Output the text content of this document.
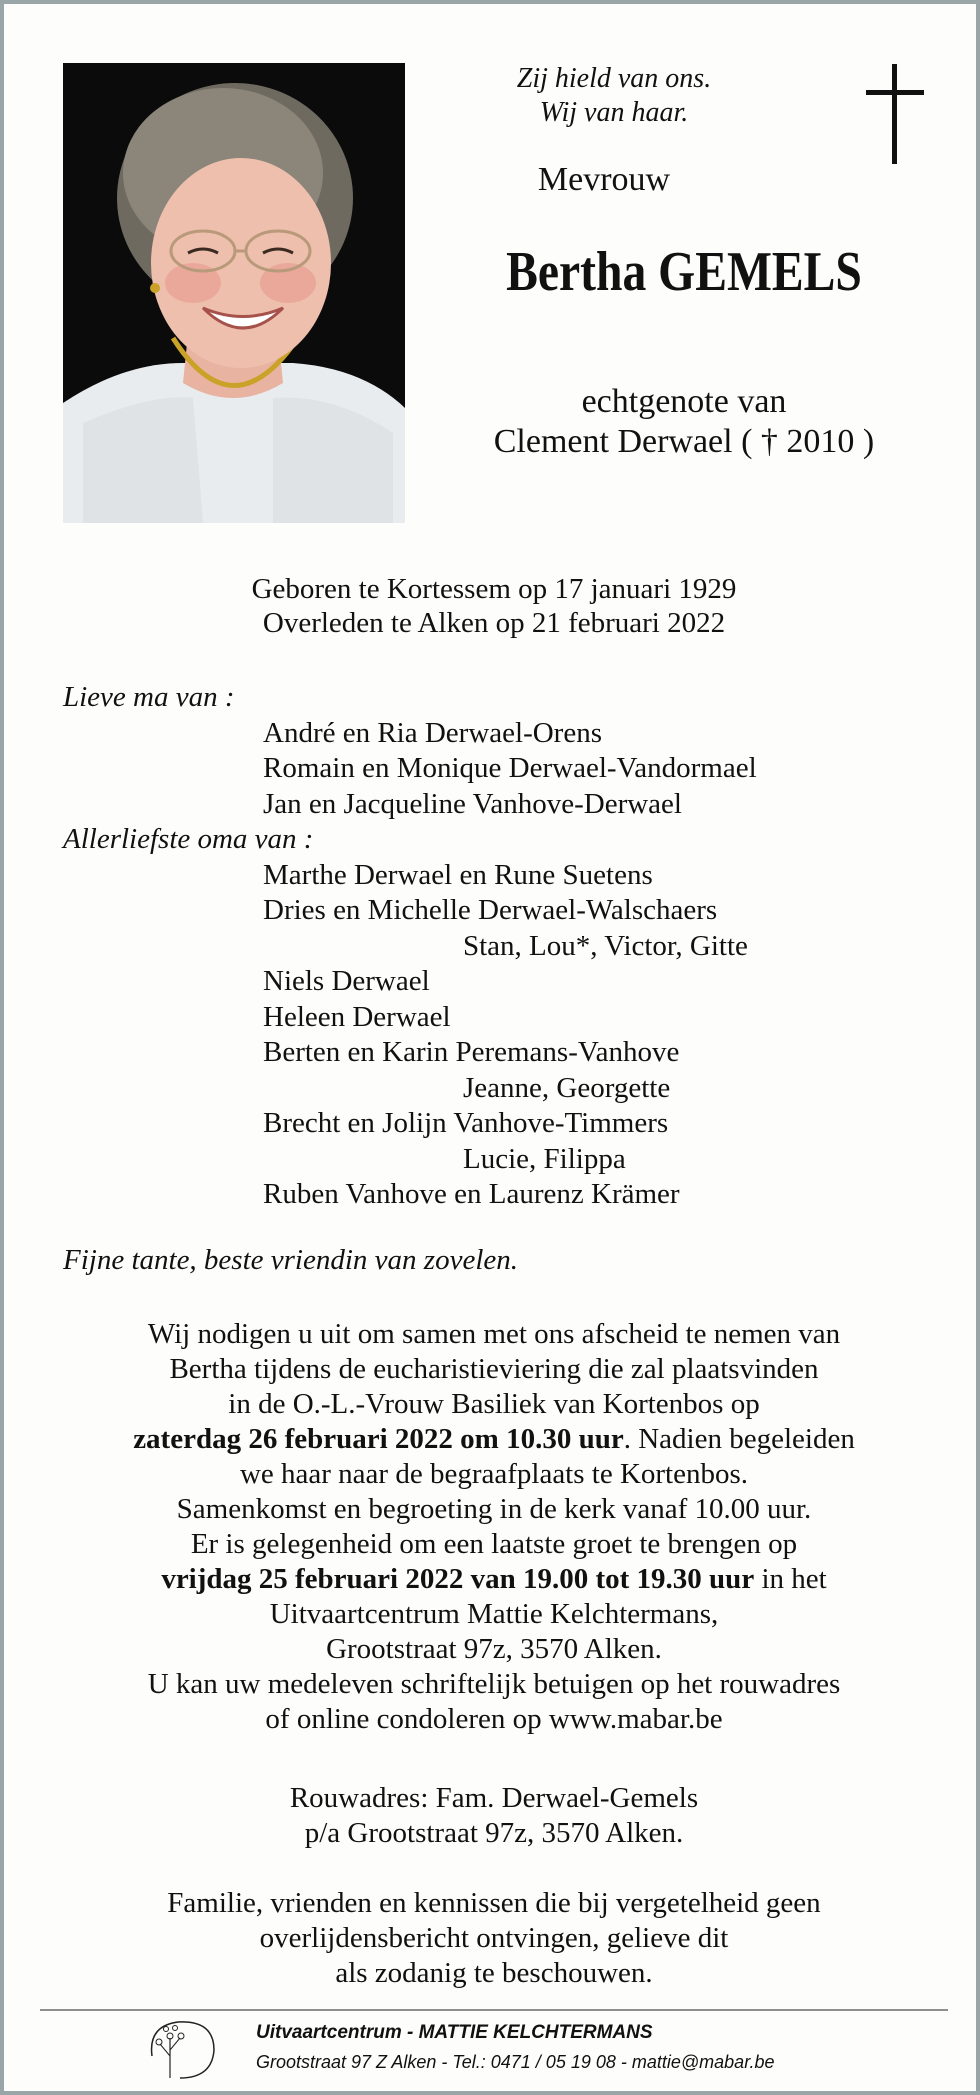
Zij hield van ons.
Wij van haar.
Mevrouw
Bertha GEMELS
echtgenote van
Clement Derwael ( † 2010 )
Geboren te Kortessem op 17 januari 1929
Overleden te Alken op 21 februari 2022
Lieve ma van :
André en Ria Derwael-Orens
Romain en Monique Derwael-Vandormael
Jan en Jacqueline Vanhove-Derwael
Allerliefste oma van :
Marthe Derwael en Rune Suetens
Dries en Michelle Derwael-Walschaers
Stan, Lou*, Victor, Gitte
Niels Derwael
Heleen Derwael
Berten en Karin Peremans-Vanhove
Jeanne, Georgette
Brecht en Jolijn Vanhove-Timmers
Lucie, Filippa
Ruben Vanhove en Laurenz Krämer
Fijne tante, beste vriendin van zovelen.
Wij nodigen u uit om samen met ons afscheid te nemen van
Bertha tijdens de eucharistieviering die zal plaatsvinden
in de O.-L.-Vrouw Basiliek van Kortenbos op
zaterdag 26 februari 2022 om 10.30 uur. Nadien begeleiden
we haar naar de begraafplaats te Kortenbos.
Samenkomst en begroeting in de kerk vanaf 10.00 uur.
Er is gelegenheid om een laatste groet te brengen op
vrijdag 25 februari 2022 van 19.00 tot 19.30 uur in het
Uitvaartcentrum Mattie Kelchtermans,
Grootstraat 97z, 3570 Alken.
U kan uw medeleven schriftelijk betuigen op het rouwadres
of online condoleren op www.mabar.be
Rouwadres: Fam. Derwael-Gemels
p/a Grootstraat 97z, 3570 Alken.
Familie, vrienden en kennissen die bij vergetelheid geen
overlijdensbericht ontvingen, gelieve dit
als zodanig te beschouwen.
Uitvaartcentrum - MATTIE KELCHTERMANS
Grootstraat 97 Z Alken - Tel.: 0471 / 05 19 08 - mattie@mabar.be
